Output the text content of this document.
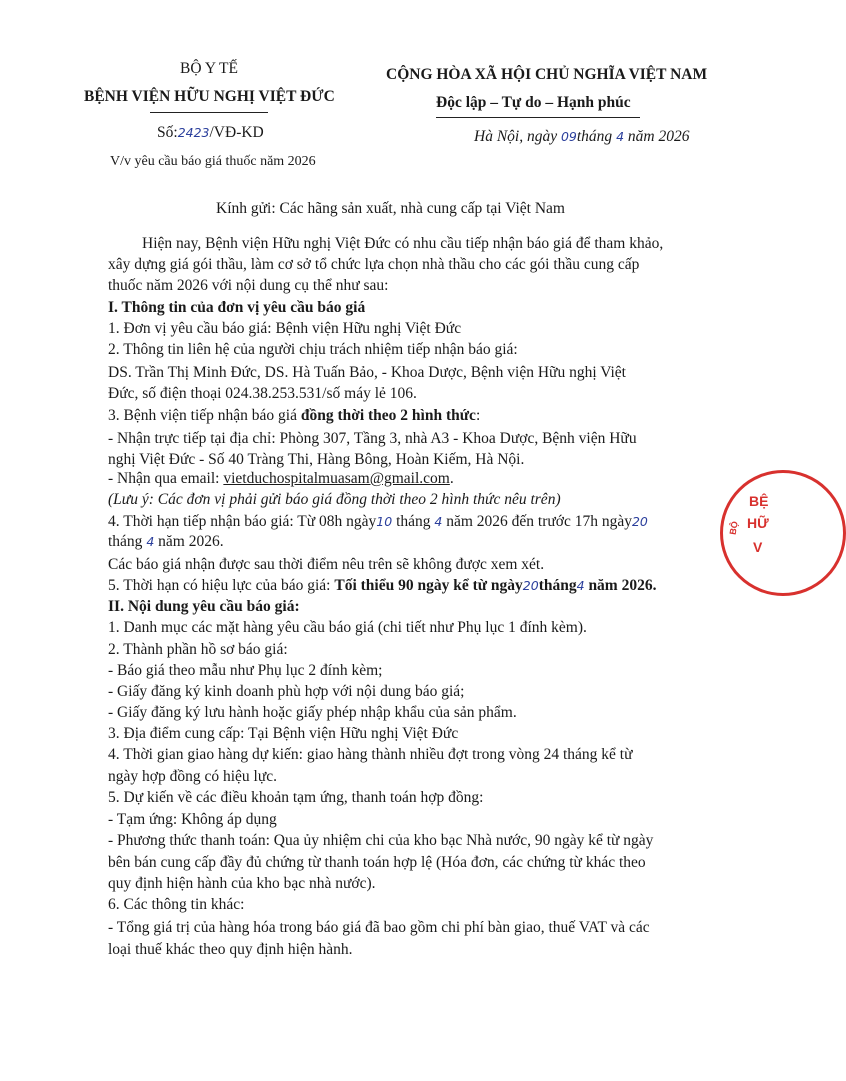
BỘ Y TẾ
BỆNH VIỆN HỮU NGHỊ VIỆT ĐỨC
Số:2423/VĐ-KD
V/v yêu cầu báo giá thuốc năm 2026
CỘNG HÒA XÃ HỘI CHỦ NGHĨA VIỆT NAM
Độc lập – Tự do – Hạnh phúc
Hà Nội, ngày 09tháng 4 năm 2026
Kính gửi: Các hãng sản xuất, nhà cung cấp tại Việt Nam
Hiện nay, Bệnh viện Hữu nghị Việt Đức có nhu cầu tiếp nhận báo giá để tham khảo,
xây dựng giá gói thầu, làm cơ sở tổ chức lựa chọn nhà thầu cho các gói thầu cung cấp
thuốc năm 2026 với nội dung cụ thể như sau:
I. Thông tin của đơn vị yêu cầu báo giá
1. Đơn vị yêu cầu báo giá: Bệnh viện Hữu nghị Việt Đức
2. Thông tin liên hệ của người chịu trách nhiệm tiếp nhận báo giá:
DS. Trần Thị Minh Đức, DS. Hà Tuấn Bảo, - Khoa Dược, Bệnh viện Hữu nghị Việt
Đức, số điện thoại 024.38.253.531/số máy lẻ 106.
3. Bệnh viện tiếp nhận báo giá đồng thời theo 2 hình thức:
- Nhận trực tiếp tại địa chỉ: Phòng 307, Tầng 3, nhà A3 - Khoa Dược, Bệnh viện Hữu
nghị Việt Đức - Số 40 Tràng Thi, Hàng Bông, Hoàn Kiếm, Hà Nội.
- Nhận qua email: vietduchospitalmuasam@gmail.com.
(Lưu ý: Các đơn vị phải gửi báo giá đồng thời theo 2 hình thức nêu trên)
4. Thời hạn tiếp nhận báo giá: Từ 08h ngày10 tháng 4 năm 2026 đến trước 17h ngày20
tháng 4 năm 2026.
Các báo giá nhận được sau thời điểm nêu trên sẽ không được xem xét.
5. Thời hạn có hiệu lực của báo giá: Tối thiểu 90 ngày kể từ ngày20tháng4 năm 2026.
II. Nội dung yêu cầu báo giá:
1. Danh mục các mặt hàng yêu cầu báo giá (chi tiết như Phụ lục 1 đính kèm).
2. Thành phần hồ sơ báo giá:
- Báo giá theo mẫu như Phụ lục 2 đính kèm;
- Giấy đăng ký kinh doanh phù hợp với nội dung báo giá;
- Giấy đăng ký lưu hành hoặc giấy phép nhập khẩu của sản phẩm.
3. Địa điểm cung cấp: Tại Bệnh viện Hữu nghị Việt Đức
4. Thời gian giao hàng dự kiến: giao hàng thành nhiều đợt trong vòng 24 tháng kể từ
ngày hợp đồng có hiệu lực.
5. Dự kiến về các điều khoản tạm ứng, thanh toán hợp đồng:
- Tạm ứng: Không áp dụng
- Phương thức thanh toán: Qua ủy nhiệm chi của kho bạc Nhà nước, 90 ngày kể từ ngày
bên bán cung cấp đầy đủ chứng từ thanh toán hợp lệ (Hóa đơn, các chứng từ khác theo
quy định hiện hành của kho bạc nhà nước).
6. Các thông tin khác:
- Tổng giá trị của hàng hóa trong báo giá đã bao gồm chi phí bàn giao, thuế VAT và các
loại thuế khác theo quy định hiện hành.
BỆ
HỮ
V
BỘ
